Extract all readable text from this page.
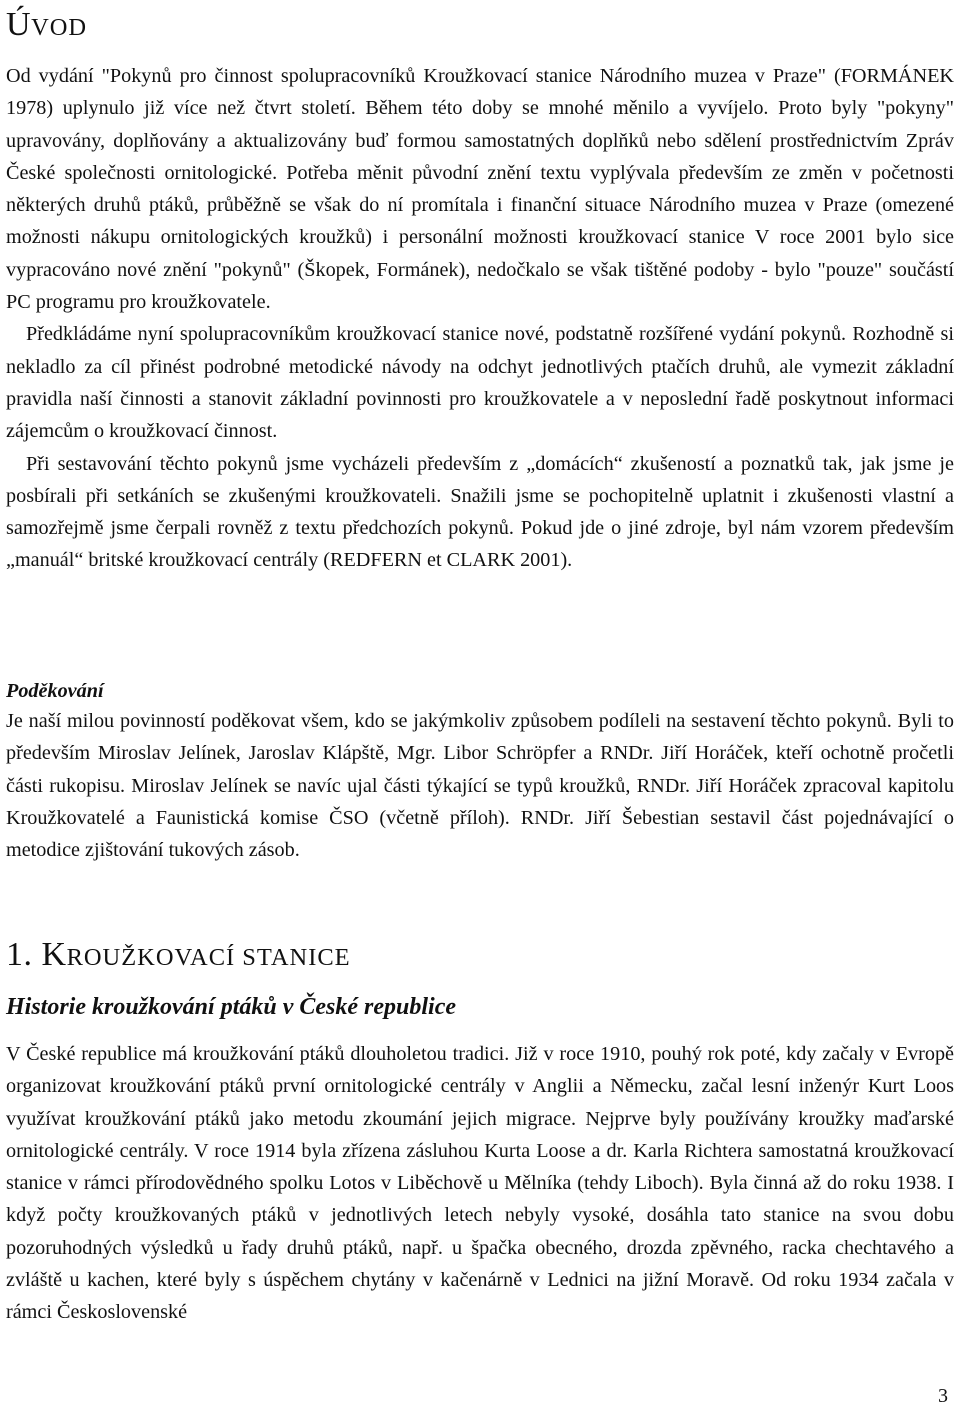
ÚVOD

Od vydání "Pokynů pro činnost spolupracovníků Kroužkovací stanice Národního muzea v Praze" (FORMÁNEK 1978) uplynulo již více než čtvrt století. Během této doby se mnohé měnilo a vyvíjelo. Proto byly "pokyny" upravovány, doplňovány a aktualizovány buď formou samostatných doplňků nebo sdělení prostřednictvím Zpráv České společnosti ornitologické. Potřeba měnit původní znění textu vyplývala především ze změn v početnosti některých druhů ptáků, průběžně se však do ní promítala i finanční situace Národního muzea v Praze (omezené možnosti nákupu ornitologických kroužků) i personální možnosti kroužkovací stanice V roce 2001 bylo sice vypracováno nové znění "pokynů" (Škopek, Formánek), nedočkalo se však tištěné podoby - bylo "pouze" součástí PC programu pro kroužkovatele.

Předkládáme nyní spolupracovníkům kroužkovací stanice nové, podstatně rozšířené vydání pokynů. Rozhodně si nekladlo za cíl přinést podrobné metodické návody na odchyt jednotlivých ptačích druhů, ale vymezit základní pravidla naší činnosti a stanovit základní povinnosti pro kroužkovatele a v neposlední řadě poskytnout informaci zájemcům o kroužkovací činnost.

Při sestavování těchto pokynů jsme vycházeli především z „domácích“ zkušeností a poznatků tak, jak jsme je posbírali při setkáních se zkušenými kroužkovateli. Snažili jsme se pochopitelně uplatnit i zkušenosti vlastní a samozřejmě jsme čerpali rovněž z textu předchozích pokynů. Pokud jde o jiné zdroje, byl nám vzorem především „manuál“ britské kroužkovací centrály (REDFERN et CLARK 2001).

Poděkování

Je naší milou povinností poděkovat všem, kdo se jakýmkoliv způsobem podíleli na sestavení těchto pokynů. Byli to především Miroslav Jelínek, Jaroslav Klápště, Mgr. Libor Schröpfer a RNDr. Jiří Horáček, kteří ochotně pročetli části rukopisu. Miroslav Jelínek se navíc ujal části týkající se typů kroužků, RNDr. Jiří Horáček zpracoval kapitolu Kroužkovatelé a Faunistická komise ČSO (včetně příloh). RNDr. Jiří Šebestian sestavil část pojednávající o metodice zjištování tukových zásob.

1. KROUŽKOVACÍ STANICE
Historie kroužkování ptáků v České republice

V České republice má kroužkování ptáků dlouholetou tradici. Již v roce 1910, pouhý rok poté, kdy začaly v Evropě organizovat kroužkování ptáků první ornitologické centrály v Anglii a Německu, začal lesní inženýr Kurt Loos využívat kroužkování ptáků jako metodu zkoumání jejich migrace. Nejprve byly používány kroužky maďarské ornitologické centrály. V roce 1914 byla zřízena zásluhou Kurta Loose a dr. Karla Richtera samostatná kroužkovací stanice v rámci přírodovědného spolku Lotos v Liběchově u Mělníka (tehdy Liboch). Byla činná až do roku 1938. I když počty kroužkovaných ptáků v jednotlivých letech nebyly vysoké, dosáhla tato stanice na svou dobu pozoruhodných výsledků u řady druhů ptáků, např. u špačka obecného, drozda zpěvného, racka chechtavého a zvláště u kachen, které byly s úspěchem chytány v kačenárně v Lednici na jižní Moravě. Od roku 1934 začala v rámci Československé

3
